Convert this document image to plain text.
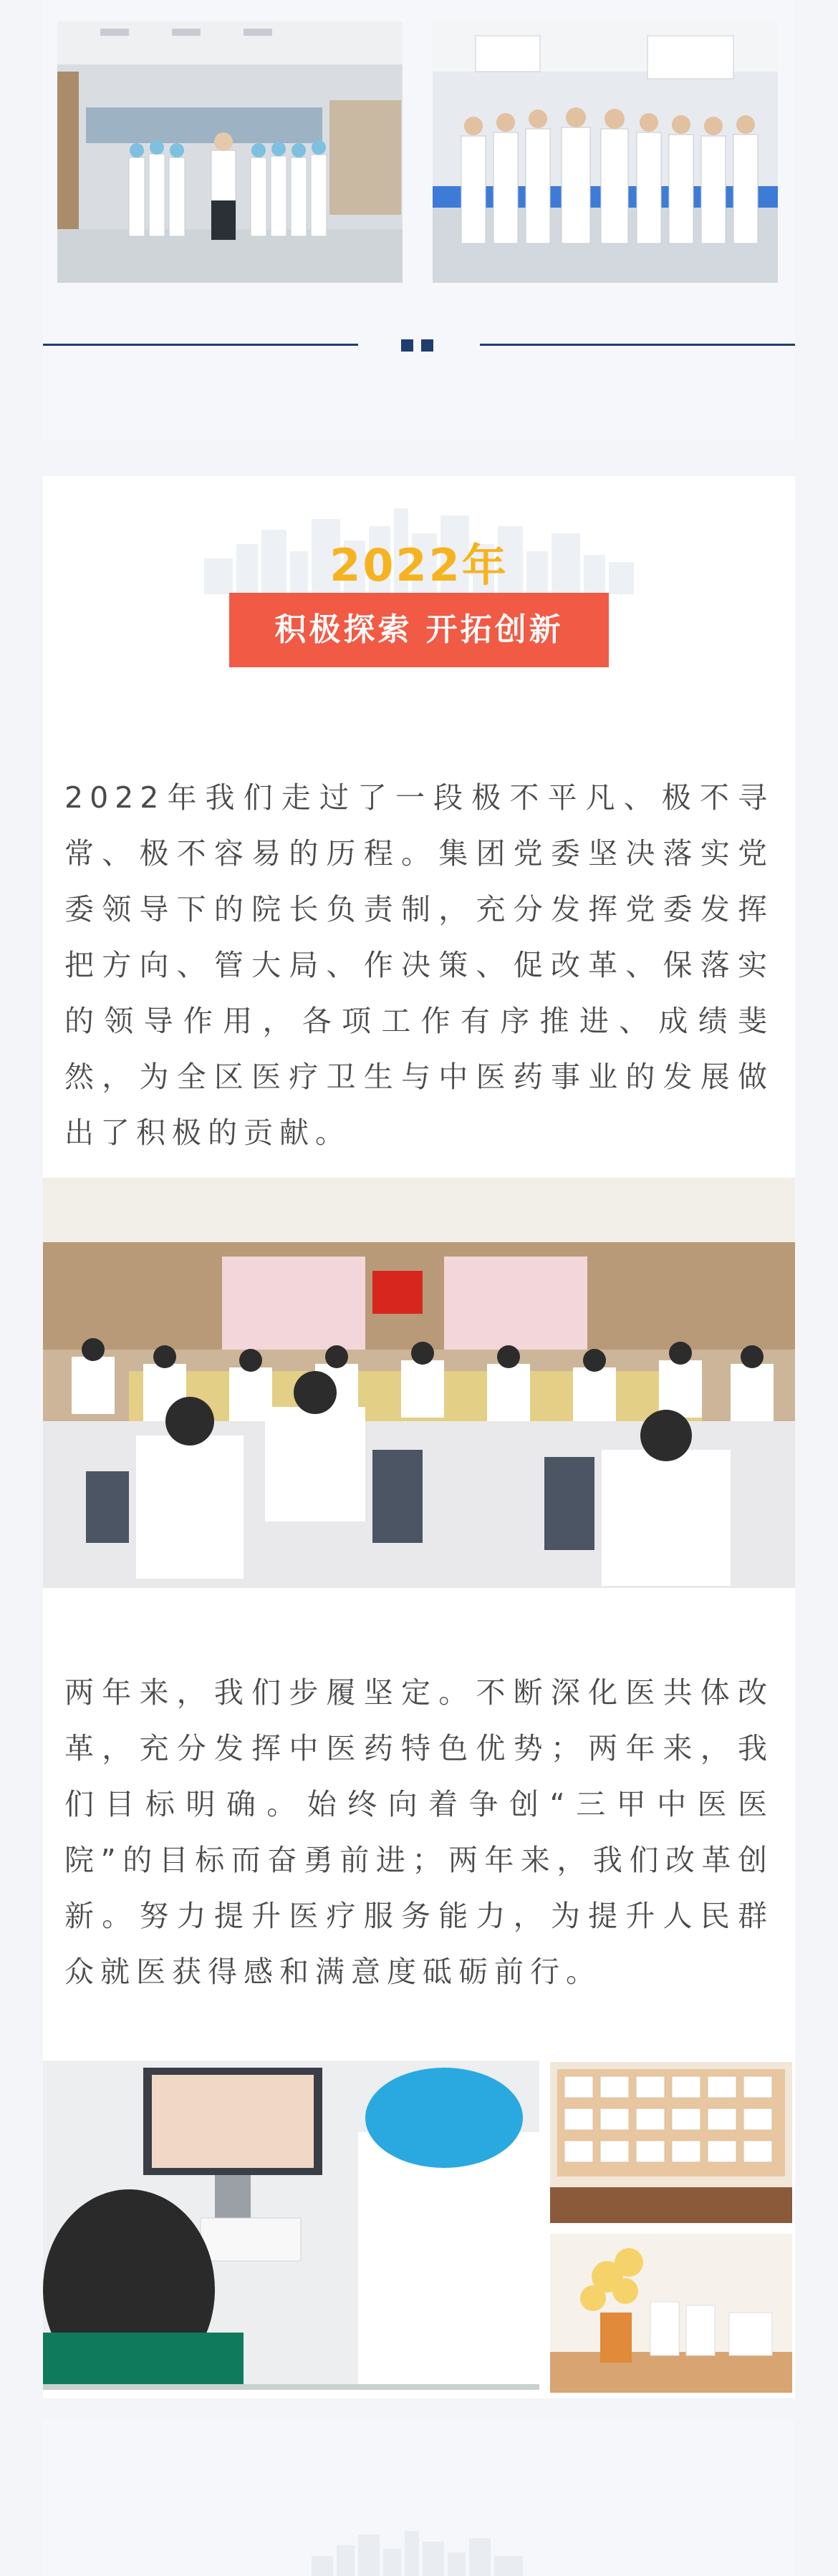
2022年
积极探索 开拓创新

2022年我们走过了一段极不平凡、极不寻常、极不容易的历程。集团党委坚决落实党委领导下的院长负责制，充分发挥党委发挥把方向、管大局、作决策、促改革、保落实的领导作用，各项工作有序推进、成绩斐然，为全区医疗卫生与中医药事业的发展做出了积极的贡献。

两年来，我们步履坚定。不断深化医共体改革，充分发挥中医药特色优势；两年来，我们目标明确。始终向着争创“三甲中医医院”的目标而奋勇前进；两年来，我们改革创新。努力提升医疗服务能力，为提升人民群众就医获得感和满意度砥砺前行。
